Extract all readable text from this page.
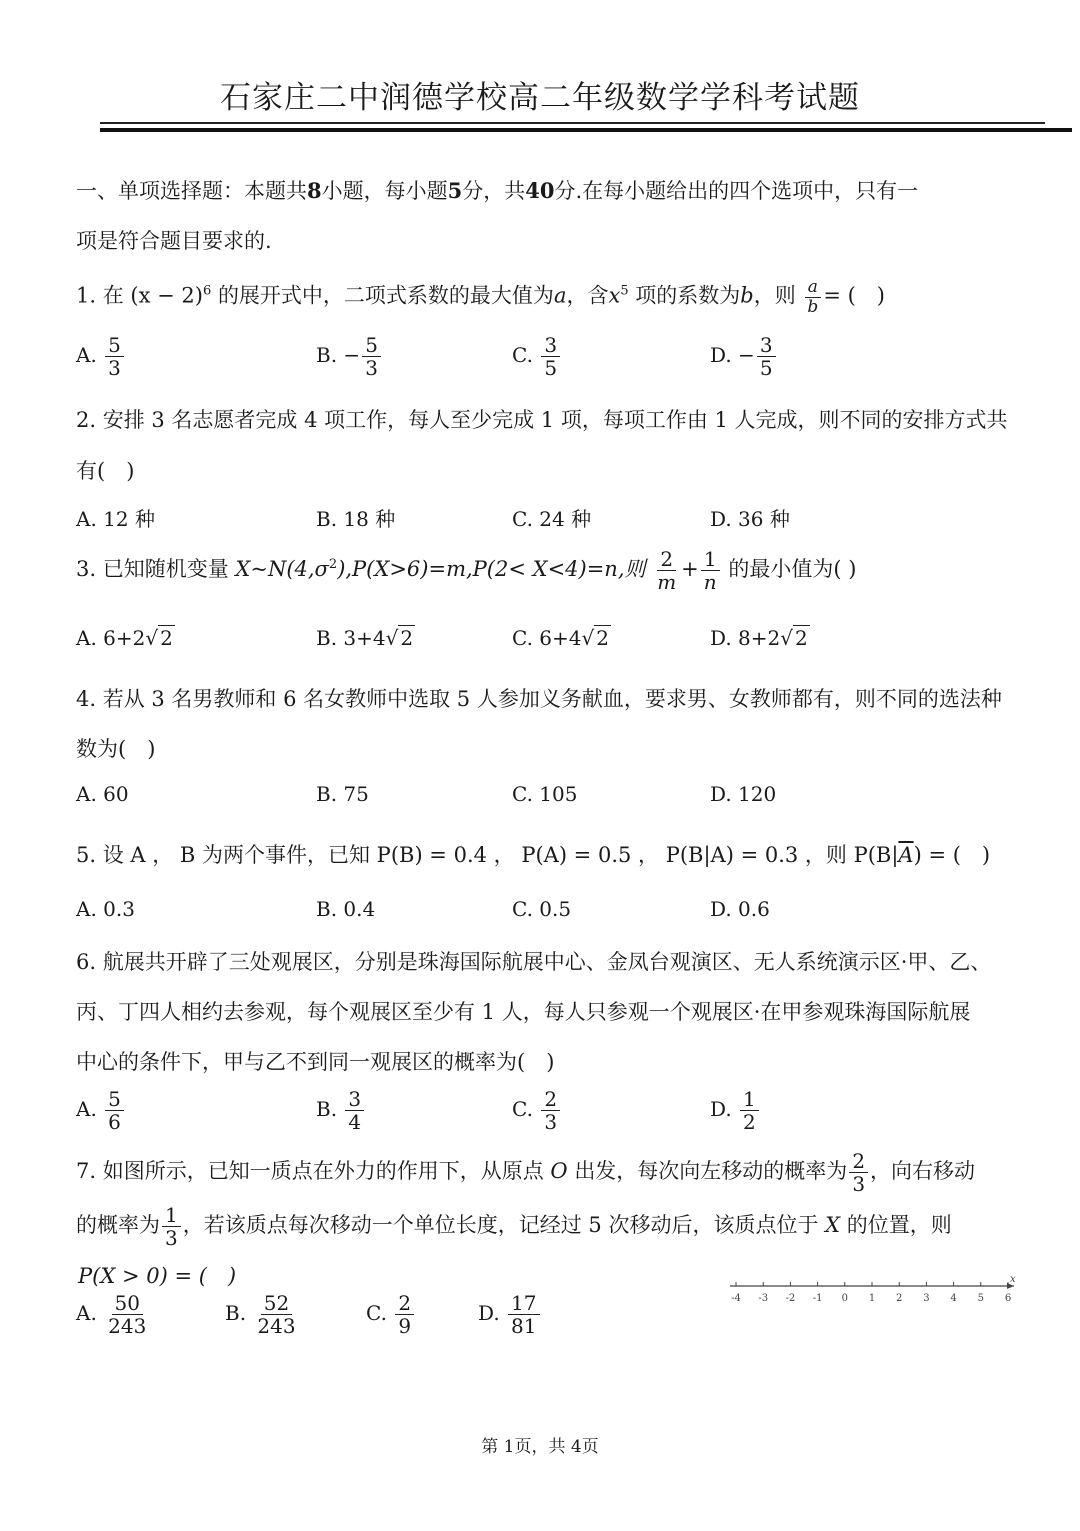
石家庄二中润德学校高二年级数学学科考试题
一、单项选择题：本题共8小题，每小题5分，共40分.在每小题给出的四个选项中，只有一
项是符合题目要求的.
1. 在 $(x - 2)^6$ 的展开式中，二项式系数的最大值为a，含$x^5$ 项的系数为b，则 $\frac{a}{b}$ = (　)
A. $\frac{5}{3}$	B. − $\frac{5}{3}$	C. $\frac{3}{5}$	D. − $\frac{3}{5}$
2. 安排 3 名志愿者完成 4 项工作，每人至少完成 1 项，每项工作由 1 人完成，则不同的安排方式共
有(　)
A. 12 种	B. 18 种	C. 24 种	D. 36 种
3. 已知随机变量 $X\sim N(4,\sigma^2),P(X>6)=m,P(2< X<4)=n$,则 $\frac{2}{m} + \frac{1}{n}$ 的最小值为( )
A. 6+2√ 2	B. 3+4√ 2	C. 6+4√ 2	D. 8+2√ 2
4. 若从 3 名男教师和 6 名女教师中选取 5 人参加义务献血，要求男、女教师都有，则不同的选法种
数为(　)
A. 60	B. 75	C. 105	D. 120
5. 设 A ， B 为两个事件，已知 P(B) = 0.4 ， P(A) = 0.5 ， P(B|A) = 0.3 ，则 $P(B|\overline{A})$ = (　)
A. 0.3	B. 0.4	C. 0.5	D. 0.6
6. 航展共开辟了三处观展区，分别是珠海国际航展中心、金凤台观演区、无人系统演示区·甲、乙、
丙、丁四人相约去参观，每个观展区至少有 1 人，每人只参观一个观展区·在甲参观珠海国际航展
中心的条件下，甲与乙不到同一观展区的概率为(　)
A. $\frac{5}{6}$	B. $\frac{3}{4}$	C. $\frac{2}{3}$	D. $\frac{1}{2}$
7. 如图所示，已知一质点在外力的作用下，从原点 O 出发，每次向左移动的概率为 $\frac{2}{3}$ ，向右移动
的概率为 $\frac{1}{3}$ ，若该质点每次移动一个单位长度，记经过 5 次移动后，该质点位于 X 的位置，则
P(X > 0) = (　)
A. $\frac{50}{243}$	B. $\frac{52}{243}$	C. $\frac{2}{9}$	D. $\frac{17}{81}$
x
-4 -3 -2 -1 0 1 2 3 4 5 6
第 1页，共 4页
